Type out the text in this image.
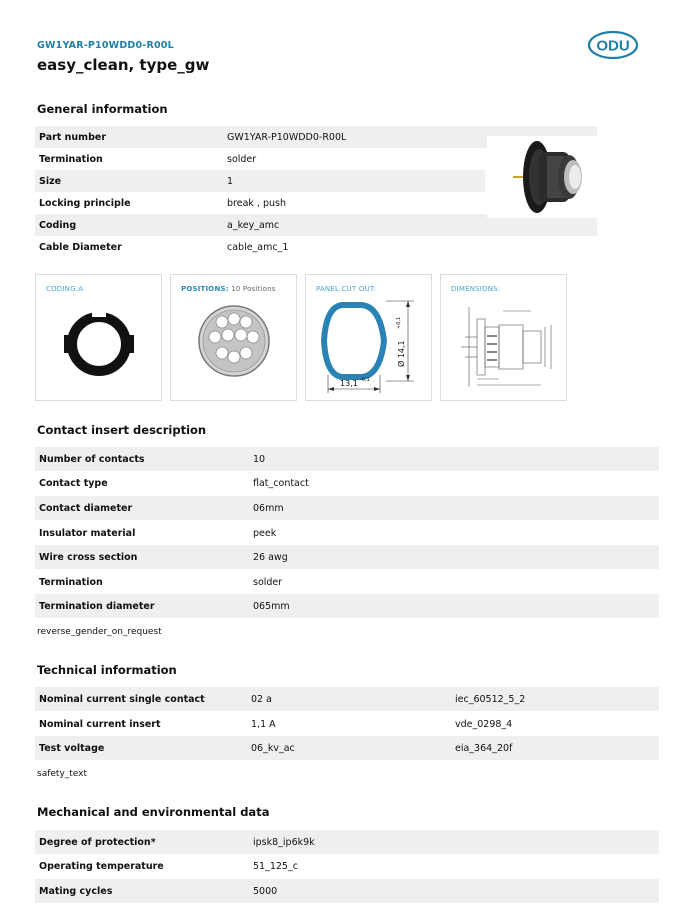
GW1YAR-P10WDD0-R00L
easy_clean, type_gw
ODU
General information
Part number	GW1YAR-P10WDD0-R00L
Termination	solder
Size	1
Locking principle	break , push
Coding	a_key_amc
Cable Diameter	cable_amc_1
CODING:A	POSITIONS: 10 Positions	PANEL CUT OUT:
Ø 14,1
+0,1
13,1 -0,1
DIMENSIONS:
Contact insert description
Number of contacts	10
Contact type	flat_contact
Contact diameter	06mm
Insulator material	peek
Wire cross section	26 awg
Termination	solder
Termination diameter	065mm
reverse_gender_on_request
Technical information
Nominal current single contact	02 a	iec_60512_5_2
Nominal current insert	1,1 A	vde_0298_4
Test voltage	06_kv_ac	eia_364_20f
safety_text
Mechanical and environmental data
Degree of protection*	ipsk8_ip6k9k
Operating temperature	51_125_c
Mating cycles	5000
